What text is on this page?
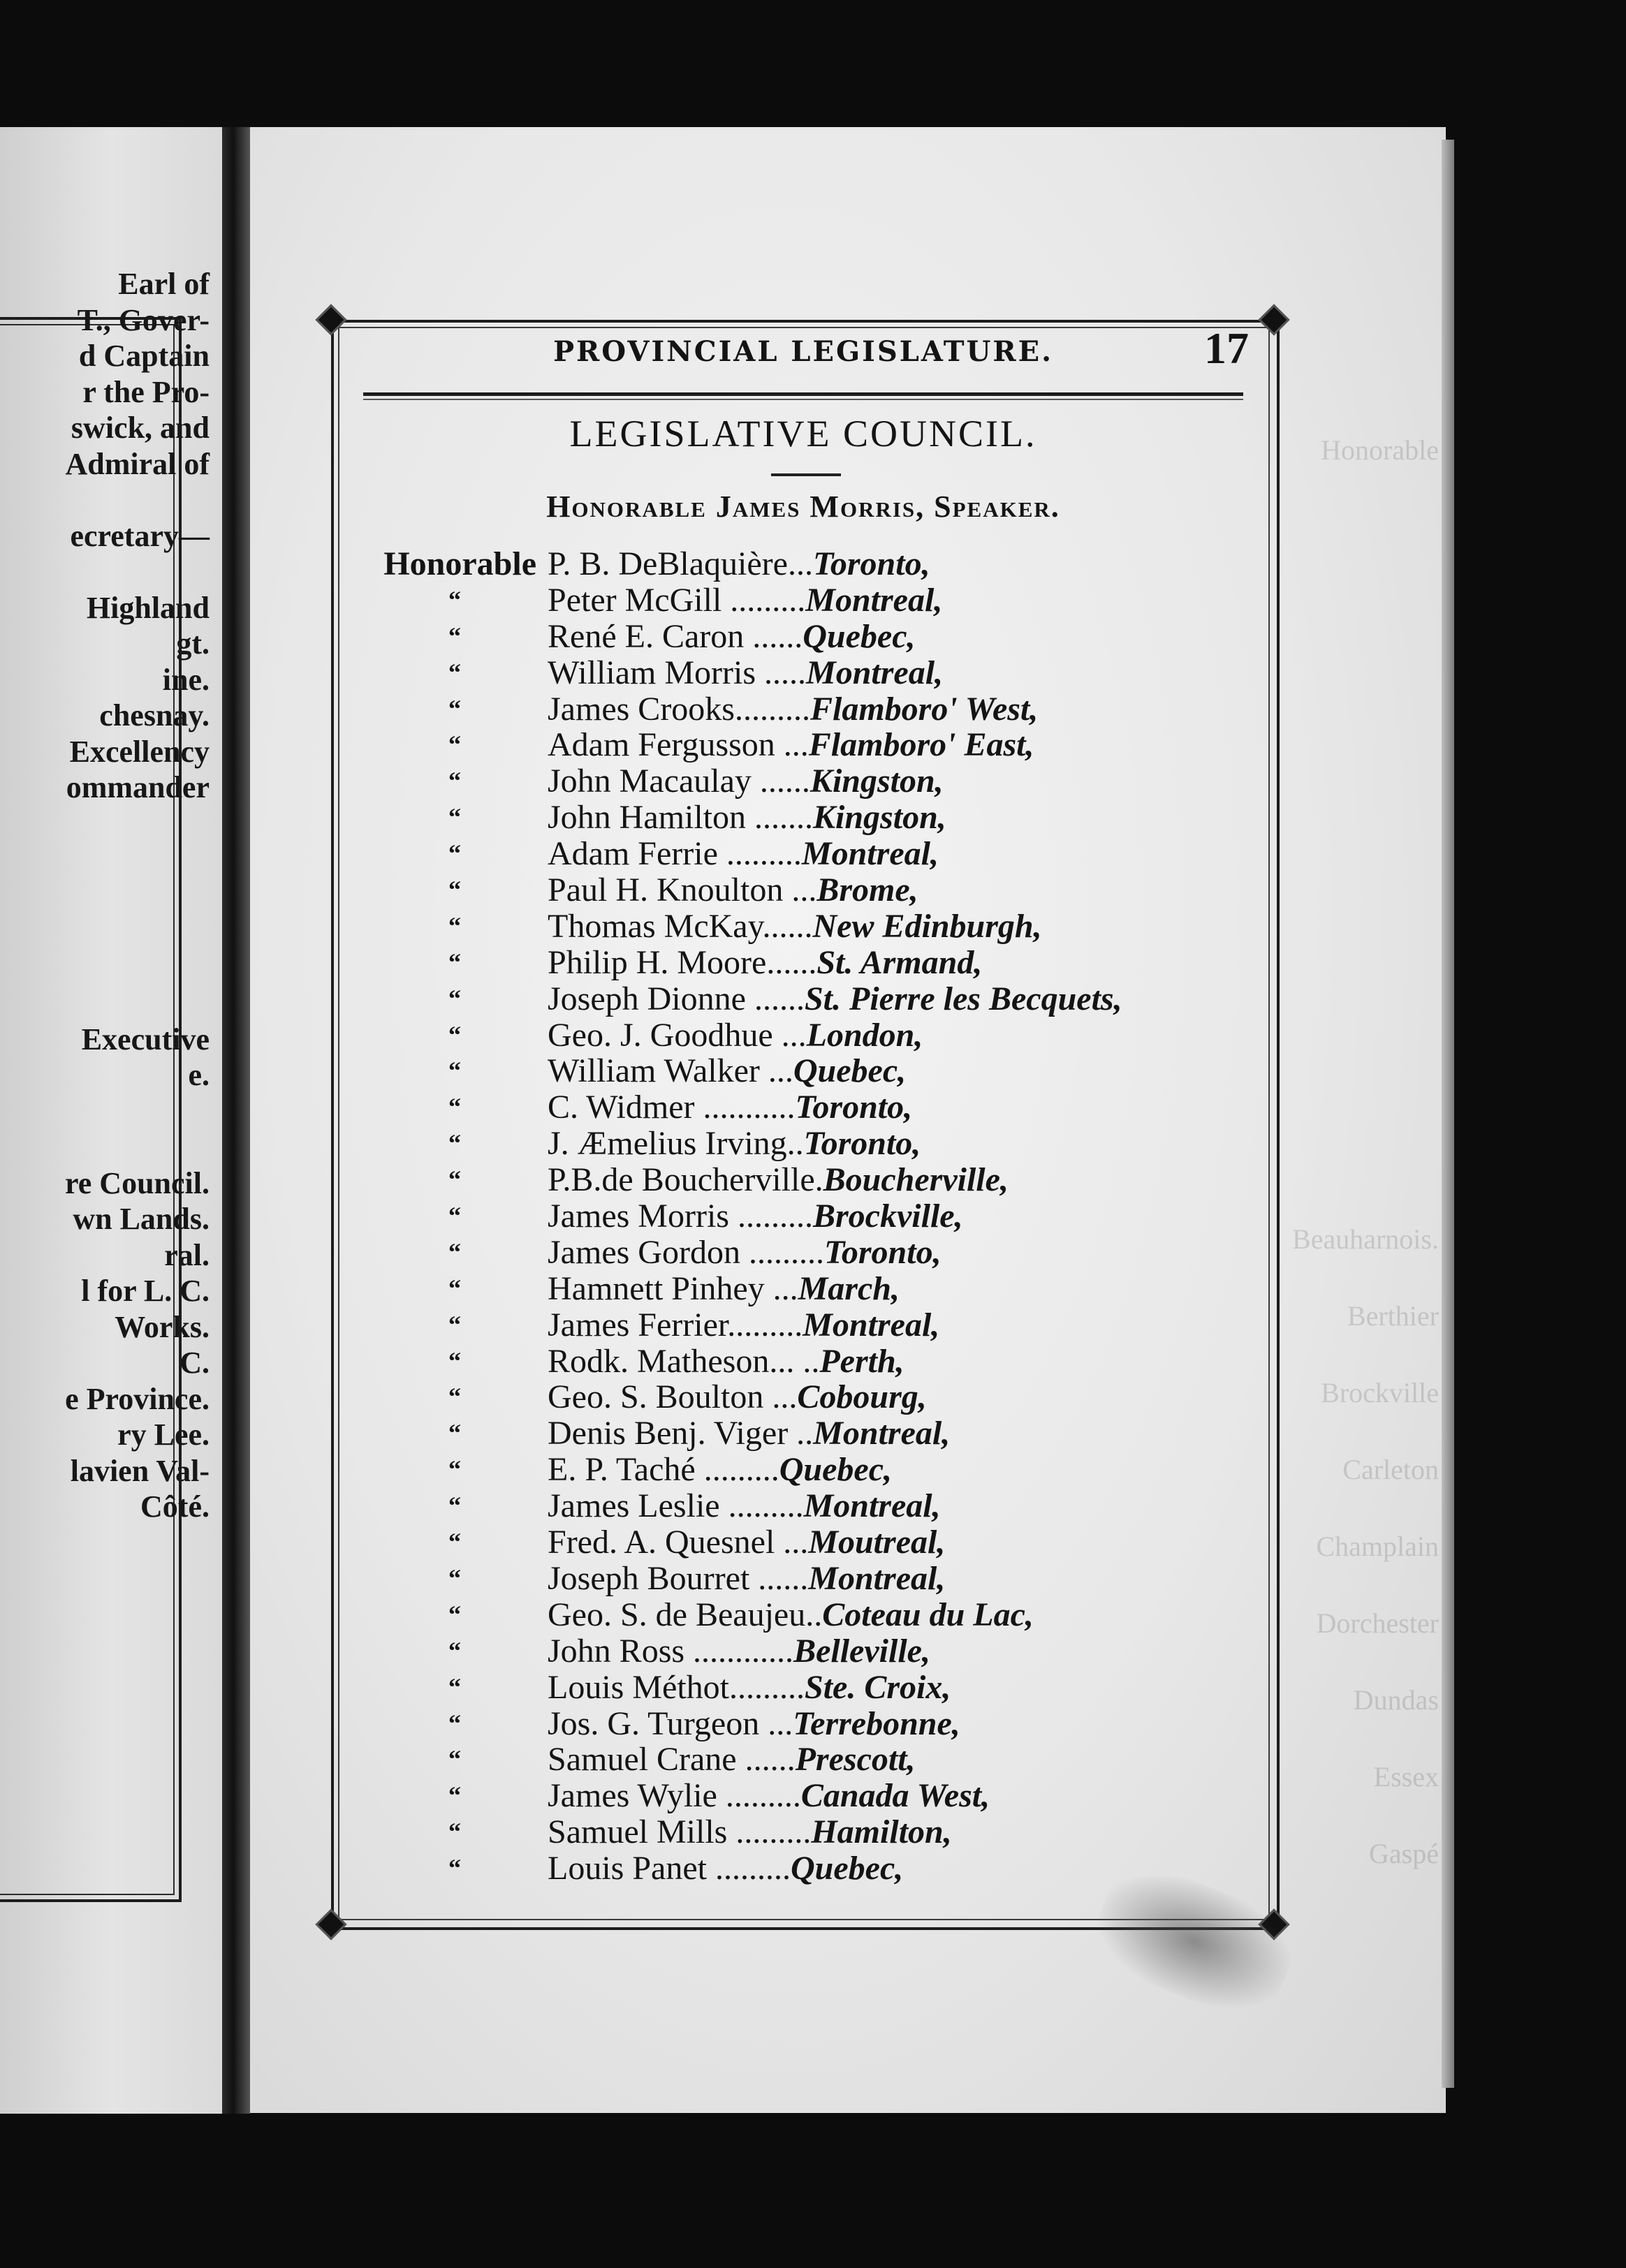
Earl of
T., Gover-
d Captain
r the Pro-
swick, and
Admiral of
ecretary—
Highland
gt.
ine.
chesnay.
Excellency
ommander
Executive
e.
re Council.
wn Lands.
ral.
l for L. C.
Works.
C.
e Province.
ry Lee.
lavien Val-
Côté.
Honorable
Beauharnois.
Berthier
Brockville
Carleton
Champlain
Dorchester
Dundas
Essex
Gaspé
PROVINCIAL LEGISLATURE.	17
LEGISLATIVE COUNCIL.
Honorable James Morris, Speaker.
Honorable P. B. DeBlaquière...Toronto,
“	Peter McGill .........Montreal,
“	René E. Caron ......Quebec,
“	William Morris .....Montreal,
“	James Crooks.........Flamboro' West,
“	Adam Fergusson ...Flamboro' East,
“	John Macaulay ......Kingston,
“	John Hamilton .......Kingston,
“	Adam Ferrie .........Montreal,
“	Paul H. Knoulton ...Brome,
“	Thomas McKay......New Edinburgh,
“	Philip H. Moore......St. Armand,
“	Joseph Dionne ......St. Pierre les Becquets,
“	Geo. J. Goodhue ...London,
“	William Walker ...Quebec,
“	C. Widmer ...........Toronto,
“	J. Æmelius Irving..Toronto,
“	P.B.de Boucherville.Boucherville,
“	James Morris .........Brockville,
“	James Gordon .........Toronto,
“	Hamnett Pinhey ...March,
“	James Ferrier.........Montreal,
“	Rodk. Matheson... ..Perth,
“	Geo. S. Boulton ...Cobourg,
“	Denis Benj. Viger ..Montreal,
“	E. P. Taché .........Quebec,
“	James Leslie .........Montreal,
“	Fred. A. Quesnel ...Moutreal,
“	Joseph Bourret ......Montreal,
“	Geo. S. de Beaujeu..Coteau du Lac,
“	John Ross ............Belleville,
“	Louis Méthot.........Ste. Croix,
“	Jos. G. Turgeon ...Terrebonne,
“	Samuel Crane ......Prescott,
“	James Wylie .........Canada West,
“	Samuel Mills .........Hamilton,
“	Louis Panet .........Quebec,
